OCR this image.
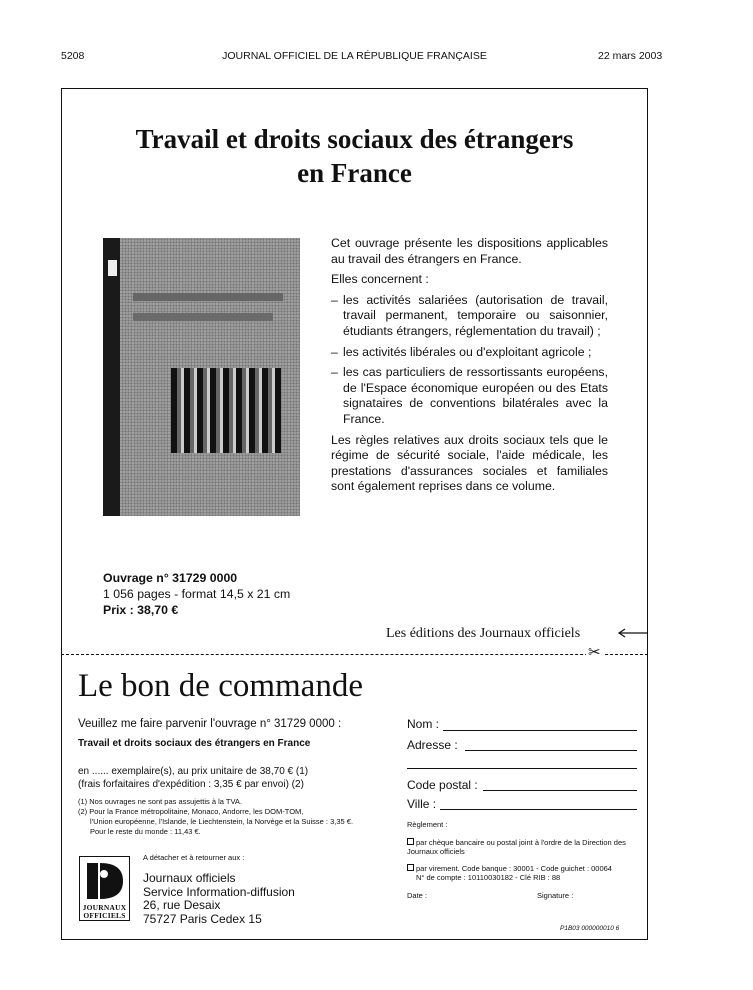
5208	JOURNAL OFFICIEL DE LA RÉPUBLIQUE FRANÇAISE	22 mars 2003
Travail et droits sociaux des étrangers
en France

Cet ouvrage présente les dispositions applicables au travail des étrangers en France.

Elles concernent :

– les activités salariées (autorisation de travail, travail permanent, temporaire ou saisonnier, étudiants étrangers, réglementation du travail) ;
– les activités libérales ou d'exploitant agricole ;
– les cas particuliers de ressortissants européens, de l'Espace économique européen ou des Etats signataires de conventions bilatérales avec la France.

Les règles relatives aux droits sociaux tels que le régime de sécurité sociale, l'aide médicale, les prestations d'assurances sociales et familiales sont également reprises dans ce volume.

Ouvrage n° 31729 0000
1 056 pages - format 14,5 x 21 cm
Prix : 38,70 €
Les éditions des Journaux officiels
✂
Le bon de commande
Veuillez me faire parvenir l'ouvrage n° 31729 0000 :
Travail et droits sociaux des étrangers en France
en ...... exemplaire(s), au prix unitaire de 38,70 € (1)
(frais forfaitaires d'expédition : 3,35 € par envoi) (2)
(1) Nos ouvrages ne sont pas assujettis à la TVA.
(2) Pour la France métropolitaine, Monaco, Andorre, les DOM-TOM,
l'Union européenne, l'Islande, le Liechtenstein, la Norvège et la Suisse : 3,35 €.
Pour le reste du monde : 11,43 €.
A détacher et à retourner aux :
JOURNAUX
OFFICIELS
Journaux officiels
Service Information-diffusion
26, rue Desaix
75727 Paris Cedex 15
Nom :
Adresse :
Code postal :
Ville :
Règlement :
par chèque bancaire ou postal joint à l'ordre de la Direction des Journaux officiels
par virement. Code banque : 30001 - Code guichet : 00064
N° de compte : 10110030182 - Clé RIB : 88
Date :	Signature :
P1B03 000000010 6
